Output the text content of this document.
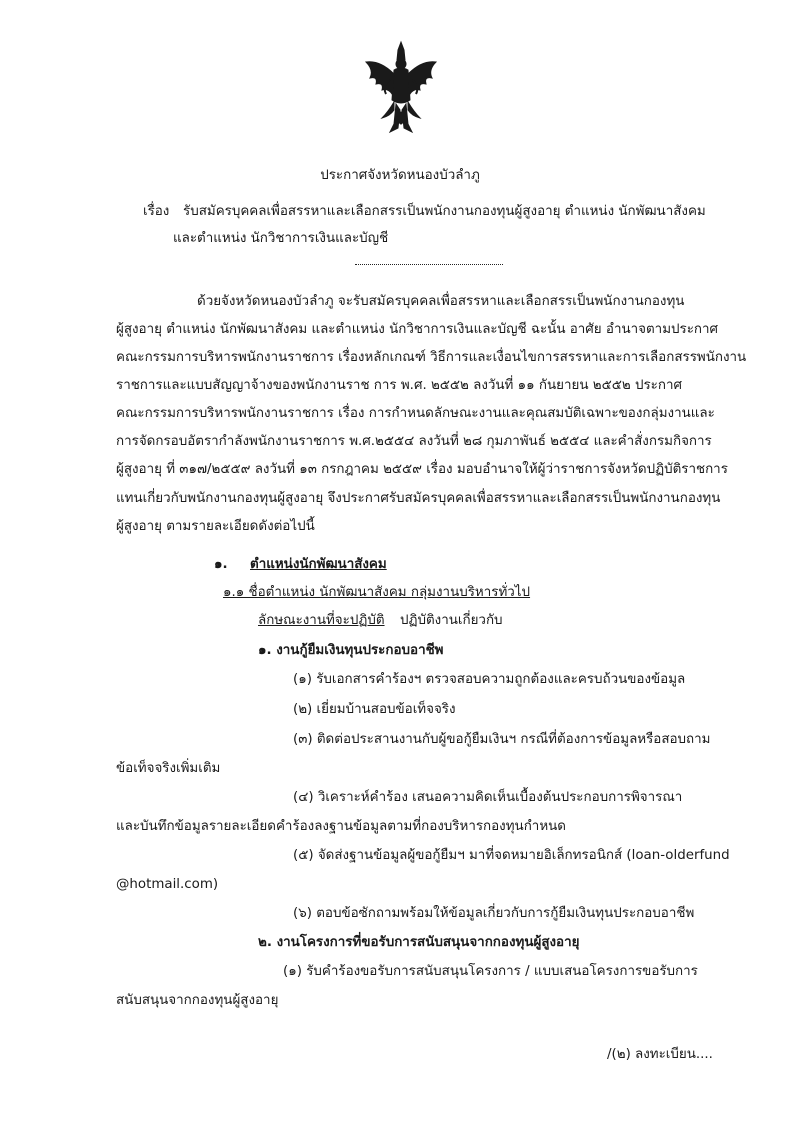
ประกาศจังหวัดหนองบัวลำภู
เรื่อง รับสมัครบุคคลเพื่อสรรหาและเลือกสรรเป็นพนักงานกองทุนผู้สูงอายุ ตำแหน่ง นักพัฒนาสังคม
และตำแหน่ง นักวิชาการเงินและบัญชี
ด้วยจังหวัดหนองบัวลำภู จะรับสมัครบุคคลเพื่อสรรหาและเลือกสรรเป็นพนักงานกองทุน
ผู้สูงอายุ ตำแหน่ง นักพัฒนาสังคม และตำแหน่ง นักวิชาการเงินและบัญชี ฉะนั้น อาศัย อำนาจตามประกาศ
คณะกรรมการบริหารพนักงานราชการ เรื่องหลักเกณฑ์ วิธีการและเงื่อนไขการสรรหาและการเลือกสรรพนักงาน
ราชการและแบบสัญญาจ้างของพนักงานราช การ พ.ศ. ๒๕๕๒ ลงวันที่ ๑๑ กันยายน ๒๕๕๒ ประกาศ
คณะกรรมการบริหารพนักงานราชการ เรื่อง การกำหนดลักษณะงานและคุณสมบัติเฉพาะของกลุ่มงานและ
การจัดกรอบอัตรากำลังพนักงานราชการ พ.ศ.๒๕๕๔ ลงวันที่ ๒๘ กุมภาพันธ์ ๒๕๕๔ และคำสั่งกรมกิจการ
ผู้สูงอายุ ที่ ๓๑๗/๒๕๕๙ ลงวันที่ ๑๓ กรกฎาคม ๒๕๕๙ เรื่อง มอบอำนาจให้ผู้ว่าราชการจังหวัดปฏิบัติราชการ
แทนเกี่ยวกับพนักงานกองทุนผู้สูงอายุ จึงประกาศรับสมัครบุคคลเพื่อสรรหาและเลือกสรรเป็นพนักงานกองทุน
ผู้สูงอายุ ตามรายละเอียดดังต่อไปนี้
๑. ตำแหน่งนักพัฒนาสังคม
๑.๑ ชื่อตำแหน่ง นักพัฒนาสังคม กลุ่มงานบริหารทั่วไป
ลักษณะงานที่จะปฏิบัติ ปฏิบัติงานเกี่ยวกับ
๑. งานกู้ยืมเงินทุนประกอบอาชีพ
(๑) รับเอกสารคำร้องฯ ตรวจสอบความถูกต้องและครบถ้วนของข้อมูล
(๒) เยี่ยมบ้านสอบข้อเท็จจริง
(๓) ติดต่อประสานงานกับผู้ขอกู้ยืมเงินฯ กรณีที่ต้องการข้อมูลหรือสอบถาม
ข้อเท็จจริงเพิ่มเติม
(๔) วิเคราะห์คำร้อง เสนอความคิดเห็นเบื้องต้นประกอบการพิจารณา
และบันทึกข้อมูลรายละเอียดคำร้องลงฐานข้อมูลตามที่กองบริหารกองทุนกำหนด
(๕) จัดส่งฐานข้อมูลผู้ขอกู้ยืมฯ มาที่จดหมายอิเล็กทรอนิกส์ (loan-olderfund
@hotmail.com)
(๖) ตอบข้อซักถามพร้อมให้ข้อมูลเกี่ยวกับการกู้ยืมเงินทุนประกอบอาชีพ
๒. งานโครงการที่ขอรับการสนับสนุนจากกองทุนผู้สูงอายุ
(๑) รับคำร้องขอรับการสนับสนุนโครงการ / แบบเสนอโครงการขอรับการ
สนับสนุนจากกองทุนผู้สูงอายุ
/(๒) ลงทะเบียน....
